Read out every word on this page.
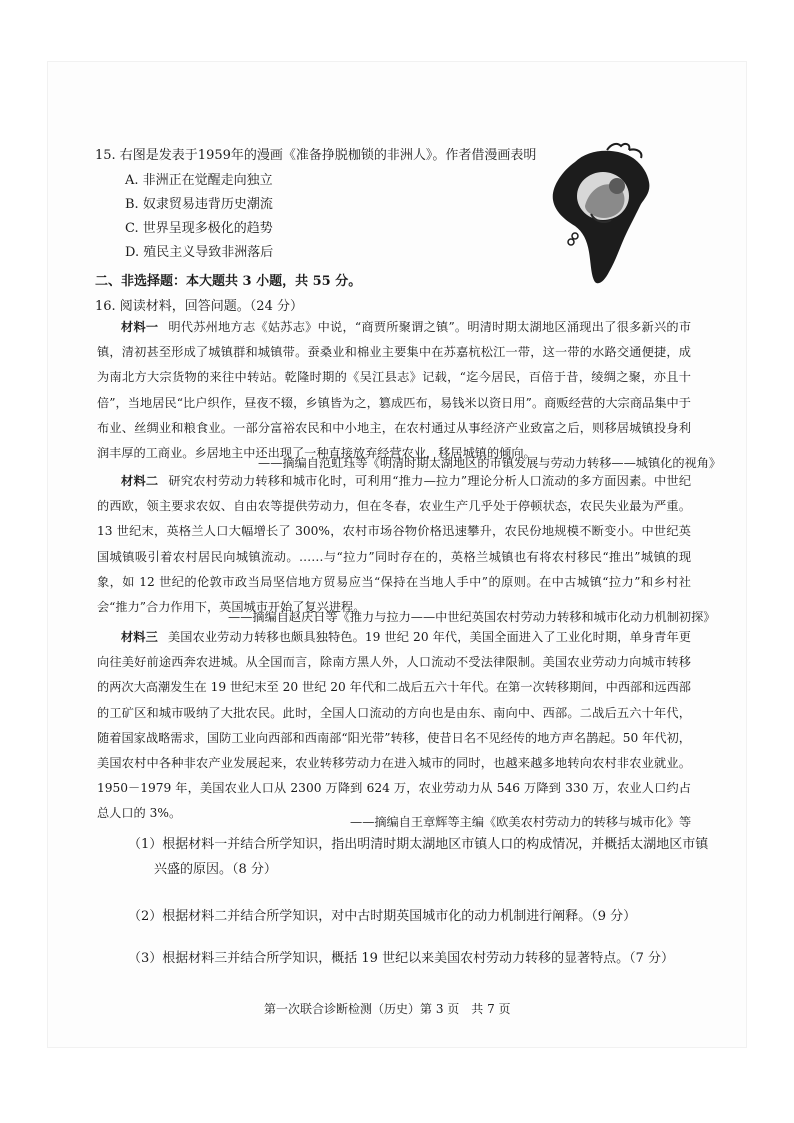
15. 右图是发表于1959年的漫画《准备挣脱枷锁的非洲人》。作者借漫画表明
A. 非洲正在觉醒走向独立
B. 奴隶贸易违背历史潮流
C. 世界呈现多极化的趋势
D. 殖民主义导致非洲落后
二、非选择题：本大题共 3 小题，共 55 分。
16. 阅读材料，回答问题。（24 分）
材料一 明代苏州地方志《姑苏志》中说，“商贾所聚谓之镇”。明清时期太湖地区涌现出了很多新兴的市镇，清初甚至形成了城镇群和城镇带。蚕桑业和棉业主要集中在苏嘉杭松江一带，这一带的水路交通便捷，成为南北方大宗货物的来往中转站。乾隆时期的《吴江县志》记载，“迄今居民，百倍于昔，绫绸之聚，亦且十倍”，当地居民“比户织作，昼夜不辍，乡镇皆为之，篡成匹布，易钱米以资日用”。商贩经营的大宗商品集中于布业、丝绸业和粮食业。一部分富裕农民和中小地主，在农村通过从事经济产业致富之后，则移居城镇投身利润丰厚的工商业。乡居地主中还出现了一种直接放弃经营农业，移居城镇的倾向。
——摘编自范虹珏等《明清时期太湖地区的市镇发展与劳动力转移——城镇化的视角》
材料二 研究农村劳动力转移和城市化时，可利用“推力—拉力”理论分析人口流动的多方面因素。中世纪的西欧，领主要求农奴、自由农等提供劳动力，但在冬春，农业生产几乎处于停顿状态，农民失业最为严重。13 世纪末，英格兰人口大幅增长了 300%，农村市场谷物价格迅速攀升，农民份地规模不断变小。中世纪英国城镇吸引着农村居民向城镇流动。……与“拉力”同时存在的，英格兰城镇也有将农村移民“推出”城镇的现象，如 12 世纪的伦敦市政当局坚信地方贸易应当“保持在当地人手中”的原则。在中古城镇“拉力”和乡村社会“推力”合力作用下，英国城市开始了复兴进程。
——摘编自赵庆日等《推力与拉力——中世纪英国农村劳动力转移和城市化动力机制初探》
材料三 美国农业劳动力转移也颇具独特色。19 世纪 20 年代，美国全面进入了工业化时期，单身青年更向往美好前途西奔农进城。从全国而言，除南方黑人外，人口流动不受法律限制。美国农业劳动力向城市转移的两次大高潮发生在 19 世纪末至 20 世纪 20 年代和二战后五六十年代。在第一次转移期间，中西部和远西部的工矿区和城市吸纳了大批农民。此时，全国人口流动的方向也是由东、南向中、西部。二战后五六十年代，随着国家战略需求，国防工业向西部和西南部“阳光带”转移，使昔日名不见经传的地方声名鹊起。50 年代初，美国农村中各种非农产业发展起来，农业转移劳动力在进入城市的同时，也越来越多地转向农村非农业就业。1950－1979 年，美国农业人口从 2300 万降到 624 万，农业劳动力从 546 万降到 330 万，农业人口约占总人口的 3%。
——摘编自王章辉等主编《欧美农村劳动力的转移与城市化》等
（1）根据材料一并结合所学知识，指出明清时期太湖地区市镇人口的构成情况，并概括太湖地区市镇兴盛的原因。（8 分）
（2）根据材料二并结合所学知识，对中古时期英国城市化的动力机制进行阐释。（9 分）
（3）根据材料三并结合所学知识，概括 19 世纪以来美国农村劳动力转移的显著特点。（7 分）
第一次联合诊断检测（历史）第 3 页　共 7 页
